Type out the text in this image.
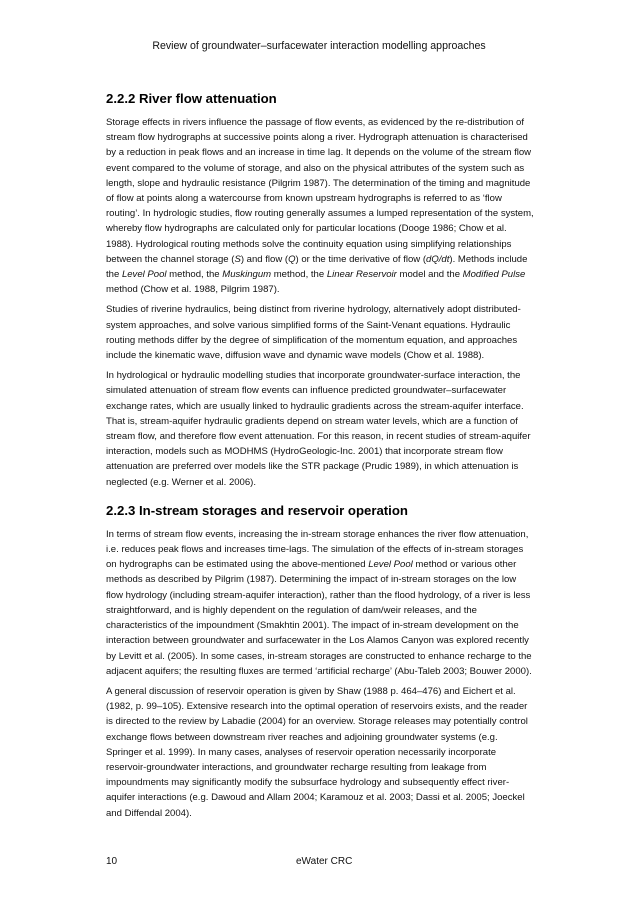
Review of groundwater–surfacewater interaction modelling approaches
2.2.2 River flow attenuation

Storage effects in rivers influence the passage of flow events, as evidenced by the re-distribution of stream flow hydrographs at successive points along a river. Hydrograph attenuation is characterised by a reduction in peak flows and an increase in time lag. It depends on the volume of the stream flow event compared to the volume of storage, and also on the physical attributes of the system such as length, slope and hydraulic resistance (Pilgrim 1987). The determination of the timing and magnitude of flow at points along a watercourse from known upstream hydrographs is referred to as ‘flow routing’. In hydrologic studies, flow routing generally assumes a lumped representation of the system, whereby flow hydrographs are calculated only for particular locations (Dooge 1986; Chow et al. 1988). Hydrological routing methods solve the continuity equation using simplifying relationships between the channel storage (S) and flow (Q) or the time derivative of flow (dQ/dt). Methods include the Level Pool method, the Muskingum method, the Linear Reservoir model and the Modified Pulse method (Chow et al. 1988, Pilgrim 1987).

Studies of riverine hydraulics, being distinct from riverine hydrology, alternatively adopt distributed-system approaches, and solve various simplified forms of the Saint-Venant equations. Hydraulic routing methods differ by the degree of simplification of the momentum equation, and approaches include the kinematic wave, diffusion wave and dynamic wave models (Chow et al. 1988).

In hydrological or hydraulic modelling studies that incorporate groundwater-surface interaction, the simulated attenuation of stream flow events can influence predicted groundwater–surfacewater exchange rates, which are usually linked to hydraulic gradients across the stream-aquifer interface. That is, stream-aquifer hydraulic gradients depend on stream water levels, which are a function of stream flow, and therefore flow event attenuation. For this reason, in recent studies of stream-aquifer interaction, models such as MODHMS (HydroGeologic-Inc. 2001) that incorporate stream flow attenuation are preferred over models like the STR package (Prudic 1989), in which attenuation is neglected (e.g. Werner et al. 2006).

2.2.3 In-stream storages and reservoir operation

In terms of stream flow events, increasing the in-stream storage enhances the river flow attenuation, i.e. reduces peak flows and increases time-lags. The simulation of the effects of in-stream storages on hydrographs can be estimated using the above-mentioned Level Pool method or various other methods as described by Pilgrim (1987). Determining the impact of in-stream storages on the low flow hydrology (including stream-aquifer interaction), rather than the flood hydrology, of a river is less straightforward, and is highly dependent on the regulation of dam/weir releases, and the characteristics of the impoundment (Smakhtin 2001). The impact of in-stream development on the interaction between groundwater and surfacewater in the Los Alamos Canyon was explored recently by Levitt et al. (2005). In some cases, in-stream storages are constructed to enhance recharge to the adjacent aquifers; the resulting fluxes are termed ‘artificial recharge’ (Abu-Taleb 2003; Bouwer 2000).

A general discussion of reservoir operation is given by Shaw (1988 p. 464–476) and Eichert et al. (1982, p. 99–105). Extensive research into the optimal operation of reservoirs exists, and the reader is directed to the review by Labadie (2004) for an overview. Storage releases may potentially control exchange flows between downstream river reaches and adjoining groundwater systems (e.g. Springer et al. 1999). In many cases, analyses of reservoir operation necessarily incorporate reservoir-groundwater interactions, and groundwater recharge resulting from leakage from impoundments may significantly modify the subsurface hydrology and subsequently effect river-aquifer interactions (e.g. Dawoud and Allam 2004; Karamouz et al. 2003; Dassi et al. 2005; Joeckel and Diffendal 2004).

10	eWater CRC
